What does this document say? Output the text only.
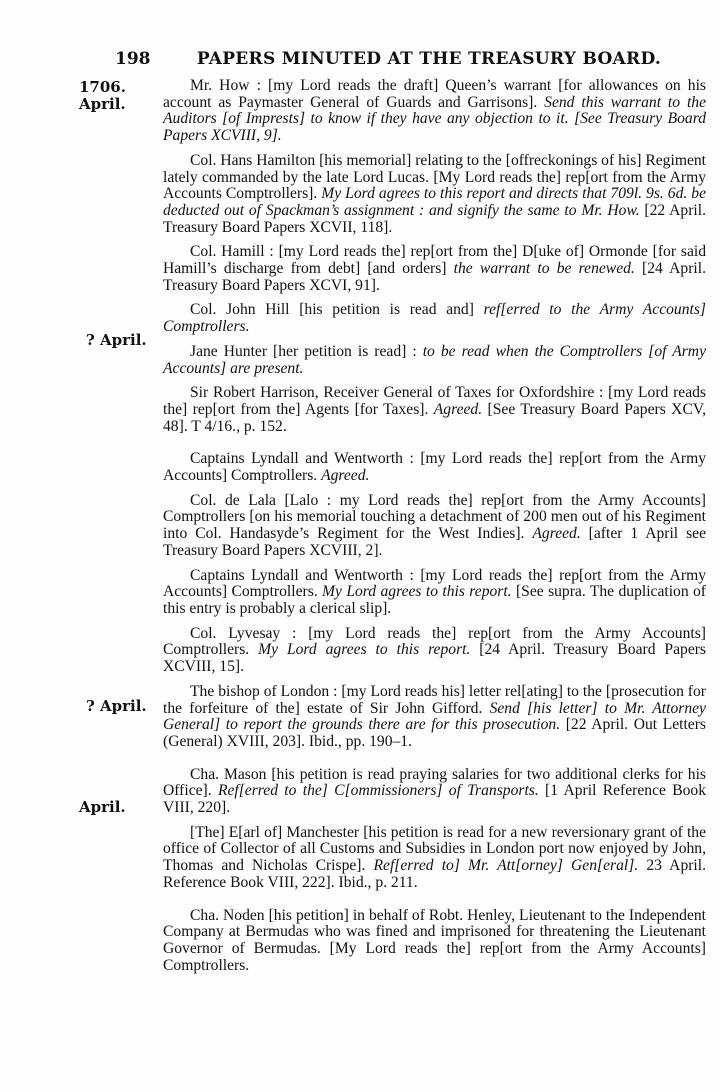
198	PAPERS MINUTED AT THE TREASURY BOARD.
1706.
April.
? April.
? April.
April.

Mr. How : [my Lord reads the draft] Queen’s warrant [for allowances on his account as Paymaster General of Guards and Garrisons]. Send this warrant to the Auditors [of Imprests] to know if they have any objection to it. [See Treasury Board Papers XCVIII, 9].

Col. Hans Hamilton [his memorial] relating to the [offreckonings of his] Regiment lately commanded by the late Lord Lucas. [My Lord reads the] rep[ort from the Army Accounts Comptrollers]. My Lord agrees to this report and directs that 709l. 9s. 6d. be deducted out of Spackman’s assignment : and signify the same to Mr. How. [22 April. Treasury Board Papers XCVII, 118].

Col. Hamill : [my Lord reads the] rep[ort from the] D[uke of] Ormonde [for said Hamill’s discharge from debt] [and orders] the warrant to be renewed. [24 April. Treasury Board Papers XCVI, 91].

Col. John Hill [his petition is read and] ref[erred to the Army Accounts] Comptrollers.

Jane Hunter [her petition is read] : to be read when the Comptrollers [of Army Accounts] are present.

Sir Robert Harrison, Receiver General of Taxes for Oxfordshire : [my Lord reads the] rep[ort from the] Agents [for Taxes]. Agreed. [See Treasury Board Papers XCV, 48]. T 4/16., p. 152.

Captains Lyndall and Wentworth : [my Lord reads the] rep[ort from the Army Accounts] Comptrollers. Agreed.

Col. de Lala [Lalo : my Lord reads the] rep[ort from the Army Accounts] Comptrollers [on his memorial touching a detachment of 200 men out of his Regiment into Col. Handasyde’s Regiment for the West Indies]. Agreed. [after 1 April see Treasury Board Papers XCVIII, 2].

Captains Lyndall and Wentworth : [my Lord reads the] rep[ort from the Army Accounts] Comptrollers. My Lord agrees to this report. [See supra. The duplication of this entry is probably a clerical slip].

Col. Lyvesay : [my Lord reads the] rep[ort from the Army Accounts] Comptrollers. My Lord agrees to this report. [24 April. Treasury Board Papers XCVIII, 15].

The bishop of London : [my Lord reads his] letter rel[ating] to the [prosecution for the forfeiture of the] estate of Sir John Gifford. Send [his letter] to Mr. Attorney General] to report the grounds there are for this prosecution. [22 April. Out Letters (General) XVIII, 203]. Ibid., pp. 190–1.

Cha. Mason [his petition is read praying salaries for two additional clerks for his Office]. Ref[erred to the] C[ommissioners] of Transports. [1 April Reference Book VIII, 220].

[The] E[arl of] Manchester [his petition is read for a new reversionary grant of the office of Collector of all Customs and Subsidies in London port now enjoyed by John, Thomas and Nicholas Crispe]. Ref[erred to] Mr. Att[orney] Gen[eral]. 23 April. Reference Book VIII, 222]. Ibid., p. 211.

Cha. Noden [his petition] in behalf of Robt. Henley, Lieutenant to the Independent Company at Bermudas who was fined and imprisoned for threatening the Lieutenant Governor of Bermudas. [My Lord reads the] rep[ort from the Army Accounts] Comptrollers.
